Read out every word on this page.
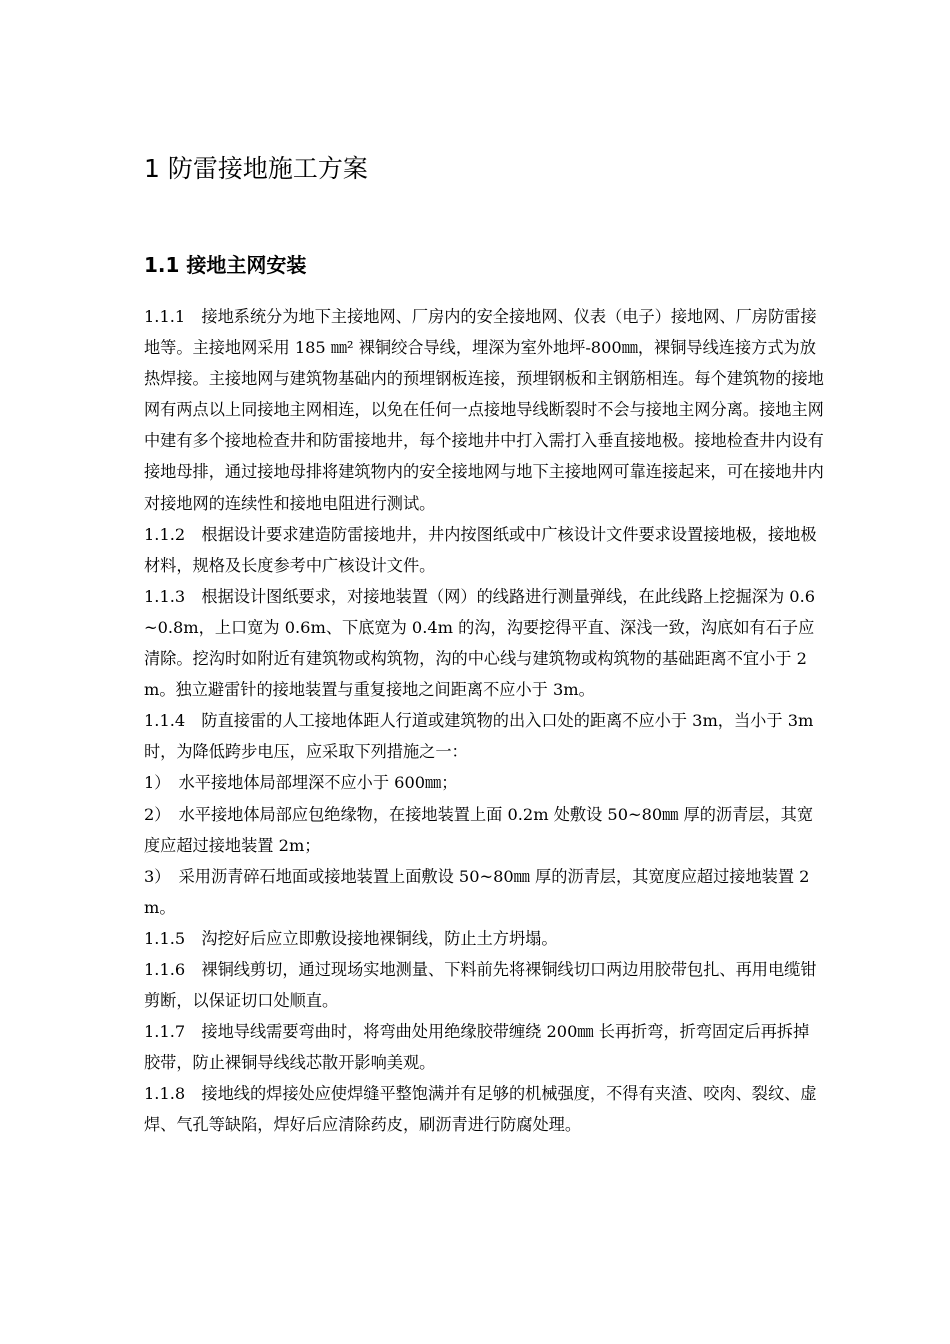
1 防雷接地施工方案
1.1 接地主网安装

1.1.1　接地系统分为地下主接地网、厂房内的安全接地网、仪表（电子）接地网、厂房防雷接地等。主接地网采用 185 ㎜² 裸铜绞合导线，埋深为室外地坪-800㎜，裸铜导线连接方式为放热焊接。主接地网与建筑物基础内的预埋钢板连接，预埋钢板和主钢筋相连。每个建筑物的接地网有两点以上同接地主网相连，以免在任何一点接地导线断裂时不会与接地主网分离。接地主网中建有多个接地检查井和防雷接地井，每个接地井中打入需打入垂直接地极。接地检查井内设有接地母排，通过接地母排将建筑物内的安全接地网与地下主接地网可靠连接起来，可在接地井内对接地网的连续性和接地电阻进行测试。

1.1.2　根据设计要求建造防雷接地井，井内按图纸或中广核设计文件要求设置接地极，接地极材料，规格及长度参考中广核设计文件。

1.1.3　根据设计图纸要求，对接地装置（网）的线路进行测量弹线，在此线路上挖掘深为 0.6~0.8m，上口宽为 0.6m、下底宽为 0.4m 的沟，沟要挖得平直、深浅一致，沟底如有石子应清除。挖沟时如附近有建筑物或构筑物，沟的中心线与建筑物或构筑物的基础距离不宜小于 2m。独立避雷针的接地装置与重复接地之间距离不应小于 3m。

1.1.4　防直接雷的人工接地体距人行道或建筑物的出入口处的距离不应小于 3m，当小于 3m 时，为降低跨步电压，应采取下列措施之一：

1）　水平接地体局部埋深不应小于 600㎜；

2）　水平接地体局部应包绝缘物，在接地装置上面 0.2m 处敷设 50~80㎜ 厚的沥青层，其宽度应超过接地装置 2m；

3）　采用沥青碎石地面或接地装置上面敷设 50~80㎜ 厚的沥青层，其宽度应超过接地装置 2m。

1.1.5　沟挖好后应立即敷设接地裸铜线，防止土方坍塌。

1.1.6　裸铜线剪切，通过现场实地测量、下料前先将裸铜线切口两边用胶带包扎、再用电缆钳剪断，以保证切口处顺直。

1.1.7　接地导线需要弯曲时，将弯曲处用绝缘胶带缠绕 200㎜ 长再折弯，折弯固定后再拆掉胶带，防止裸铜导线线芯散开影响美观。

1.1.8　接地线的焊接处应使焊缝平整饱满并有足够的机械强度，不得有夹渣、咬肉、裂纹、虚焊、气孔等缺陷，焊好后应清除药皮，刷沥青进行防腐处理。
